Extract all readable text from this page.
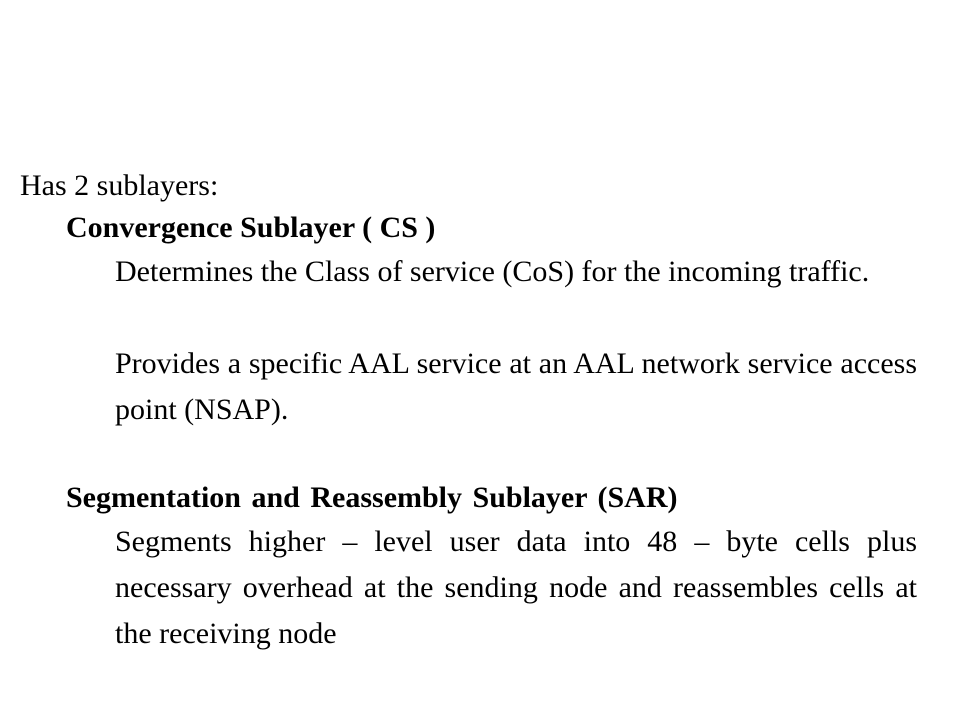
Has 2 sublayers:
Convergence Sublayer ( CS )
Determines the Class of service (CoS) for the incoming traffic.
Provides a specific AAL service at an AAL network service access point (NSAP).
Segmentation and Reassembly Sublayer (SAR)
Segments higher – level user data into 48 – byte cells plus necessary overhead at the sending node and reassembles cells at the receiving node
